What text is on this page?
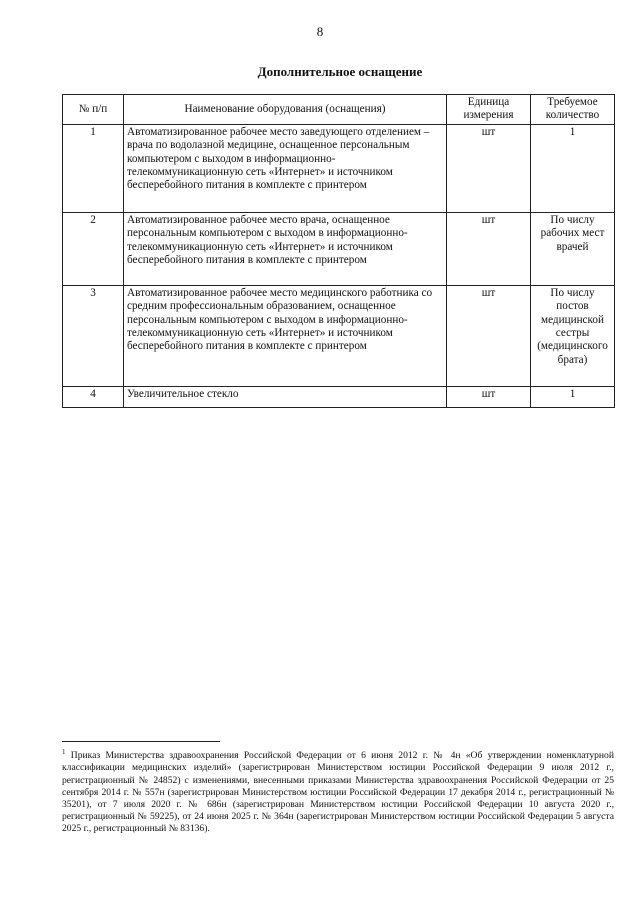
8
Дополнительное оснащение
№ п/п	Наименование оборудования (оснащения)	Единица измерения	Требуемое количество
1	Автоматизированное рабочее место заведующего отделением – врача по водолазной медицине, оснащенное персональным компьютером с выходом в информационно-телекоммуникационную сеть «Интернет» и источником бесперебойного питания в комплекте с принтером	шт	1
2	Автоматизированное рабочее место врача, оснащенное персональным компьютером с выходом в информационно-телекоммуникационную сеть «Интернет» и источником бесперебойного питания в комплекте с принтером	шт	По числу рабочих мест врачей
3	Автоматизированное рабочее место медицинского работника со средним профессиональным образованием, оснащенное персональным компьютером с выходом в информационно-телекоммуникационную сеть «Интернет» и источником бесперебойного питания в комплекте с принтером	шт	По числу постов медицинской сестры (медицинского брата)
4	Увеличительное стекло	шт	1
$^1$ Приказ Министерства здравоохранения Российской Федерации от 6 июня 2012 г. № 4н «Об утверждении номенклатурной классификации медицинских изделий» (зарегистрирован Министерством юстиции Российской Федерации 9 июля 2012 г., регистрационный № 24852) с изменениями, внесенными приказами Министерства здравоохранения Российской Федерации от 25 сентября 2014 г. № 557н (зарегистрирован Министерством юстиции Российской Федерации 17 декабря 2014 г., регистрационный № 35201), от 7 июля 2020 г. № 686н (зарегистрирован Министерством юстиции Российской Федерации 10 августа 2020 г., регистрационный № 59225), от 24 июня 2025 г. № 364н (зарегистрирован Министерством юстиции Российской Федерации 5 августа 2025 г., регистрационный № 83136).
